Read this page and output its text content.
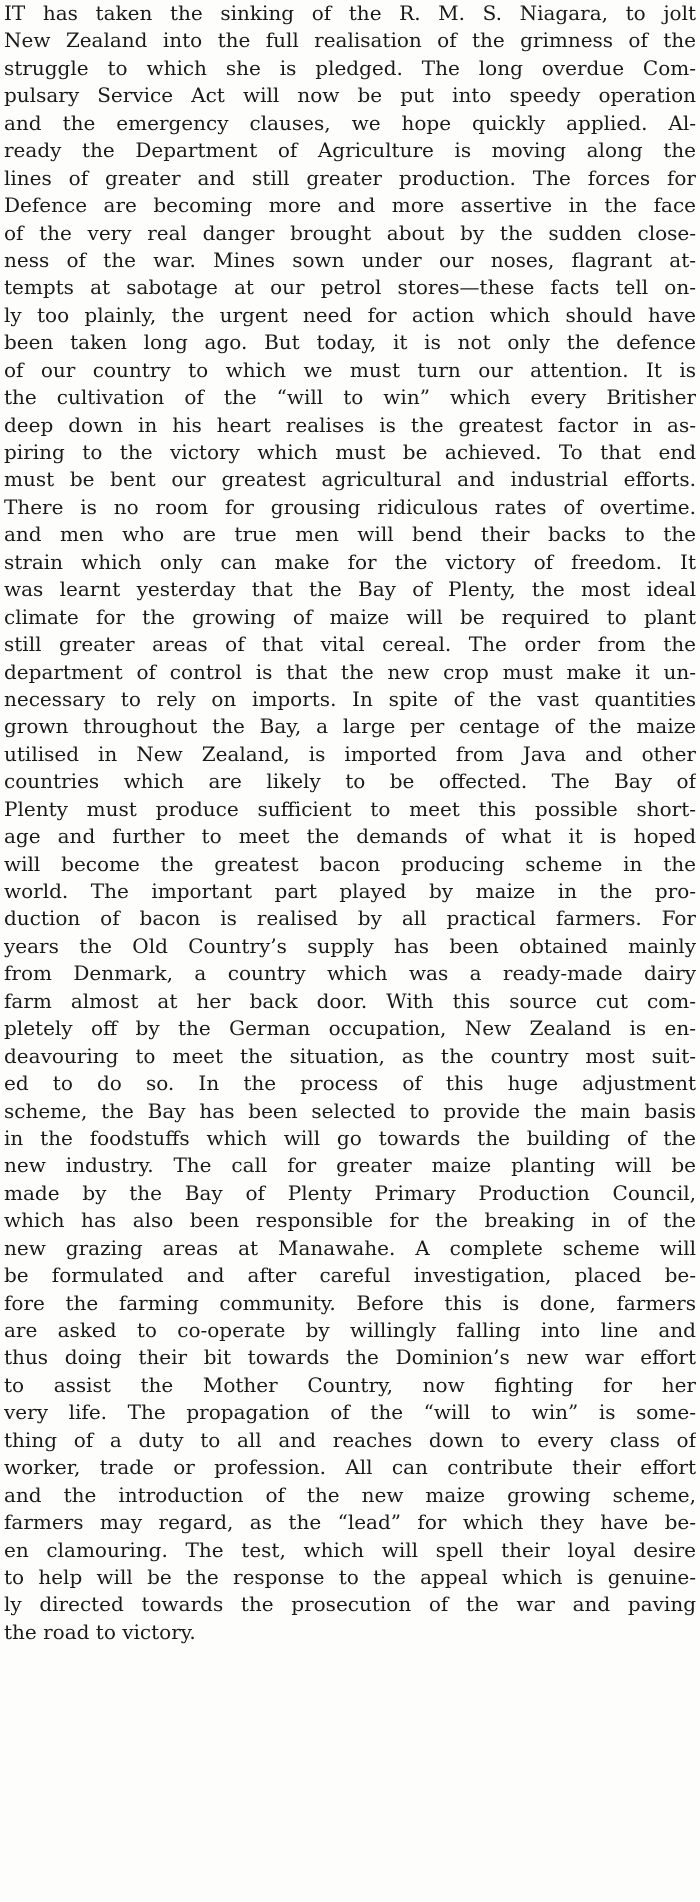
IT has taken the sinking of the R. M. S. Niagara, to jolt
New Zealand into the full realisation of the grimness of the
struggle to which she is pledged. The long overdue Com-
pulsary Service Act will now be put into speedy operation
and the emergency clauses, we hope quickly applied. Al-
ready the Department of Agriculture is moving along the
lines of greater and still greater production. The forces for
Defence are becoming more and more assertive in the face
of the very real danger brought about by the sudden close-
ness of the war. Mines sown under our noses, flagrant at-
tempts at sabotage at our petrol stores—these facts tell on-
ly too plainly, the urgent need for action which should have
been taken long ago. But today, it is not only the defence
of our country to which we must turn our attention. It is
the cultivation of the “will to win” which every Britisher
deep down in his heart realises is the greatest factor in as-
piring to the victory which must be achieved. To that end
must be bent our greatest agricultural and industrial efforts.
There is no room for grousing ridiculous rates of overtime.
and men who are true men will bend their backs to the
strain which only can make for the victory of freedom. It
was learnt yesterday that the Bay of Plenty, the most ideal
climate for the growing of maize will be required to plant
still greater areas of that vital cereal. The order from the
department of control is that the new crop must make it un-
necessary to rely on imports. In spite of the vast quantities
grown throughout the Bay, a large per centage of the maize
utilised in New Zealand, is imported from Java and other
countries which are likely to be offected. The Bay of
Plenty must produce sufficient to meet this possible short-
age and further to meet the demands of what it is hoped
will become the greatest bacon producing scheme in the
world. The important part played by maize in the pro-
duction of bacon is realised by all practical farmers. For
years the Old Country’s supply has been obtained mainly
from Denmark, a country which was a ready-made dairy
farm almost at her back door. With this source cut com-
pletely off by the German occupation, New Zealand is en-
deavouring to meet the situation, as the country most suit-
ed to do so. In the process of this huge adjustment
scheme, the Bay has been selected to provide the main basis
in the foodstuffs which will go towards the building of the
new industry. The call for greater maize planting will be
made by the Bay of Plenty Primary Production Council,
which has also been responsible for the breaking in of the
new grazing areas at Manawahe. A complete scheme will
be formulated and after careful investigation, placed be-
fore the farming community. Before this is done, farmers
are asked to co-operate by willingly falling into line and
thus doing their bit towards the Dominion’s new war effort
to assist the Mother Country, now fighting for her
very life. The propagation of the “will to win” is some-
thing of a duty to all and reaches down to every class of
worker, trade or profession. All can contribute their effort
and the introduction of the new maize growing scheme,
farmers may regard, as the “lead” for which they have be-
en clamouring. The test, which will spell their loyal desire
to help will be the response to the appeal which is genuine-
ly directed towards the prosecution of the war and paving
the road to victory.
